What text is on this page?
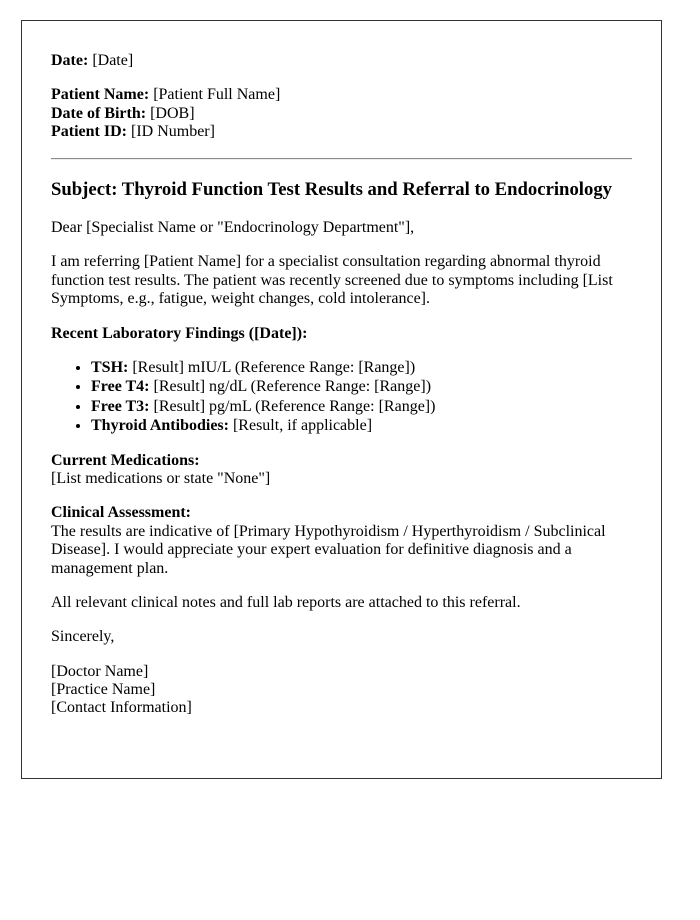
Date: [Date]

Patient Name: [Patient Full Name]
Date of Birth: [DOB]
Patient ID: [ID Number]

Subject: Thyroid Function Test Results and Referral to Endocrinology

Dear [Specialist Name or "Endocrinology Department"],

I am referring [Patient Name] for a specialist consultation regarding abnormal thyroid function test results. The patient was recently screened due to symptoms including [List Symptoms, e.g., fatigue, weight changes, cold intolerance].

Recent Laboratory Findings ([Date]):

• TSH: [Result] mIU/L (Reference Range: [Range])
• Free T4: [Result] ng/dL (Reference Range: [Range])
• Free T3: [Result] pg/mL (Reference Range: [Range])
• Thyroid Antibodies: [Result, if applicable]

Current Medications:
[List medications or state "None"]

Clinical Assessment:
The results are indicative of [Primary Hypothyroidism / Hyperthyroidism / Subclinical Disease]. I would appreciate your expert evaluation for definitive diagnosis and a management plan.

All relevant clinical notes and full lab reports are attached to this referral.

Sincerely,

[Doctor Name]
[Practice Name]
[Contact Information]
